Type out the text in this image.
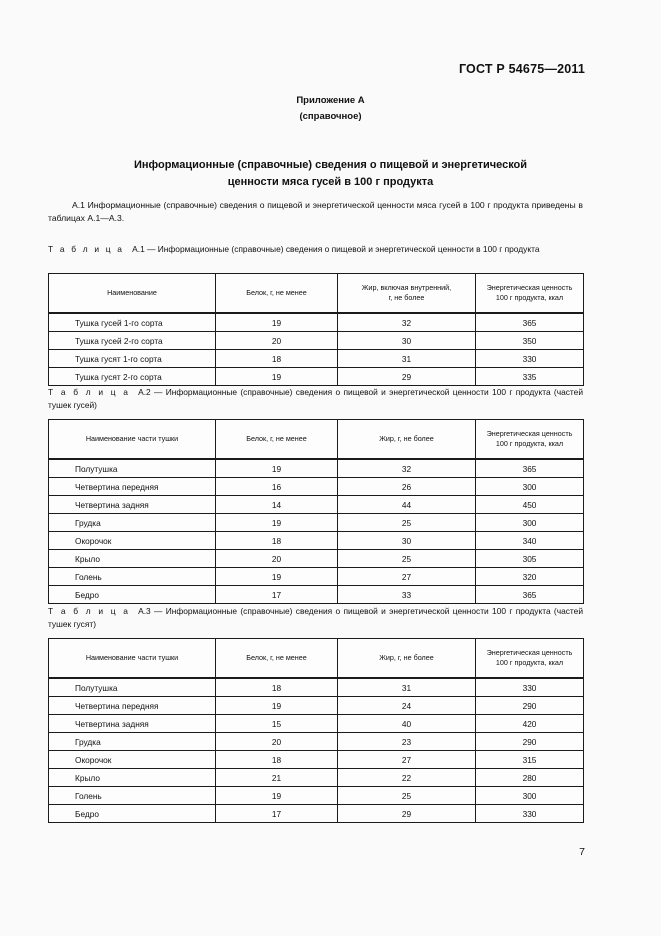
ГОСТ Р 54675—2011
Приложение А
(справочное)
Информационные (справочные) сведения о пищевой и энергетической
ценности мяса гусей в 100 г продукта
А.1 Информационные (справочные) сведения о пищевой и энергетической ценности мяса гусей в 100 г продукта приведены в таблицах А.1—А.3.
Т а б л и ц а А.1 — Информационные (справочные) сведения о пищевой и энергетической ценности в 100 г продукта
Наименование	Белок, г, не менее	Жир, включая внутренний,
г, не более	Энергетическая ценность
100 г продукта, ккал
Тушка гусей 1-го сорта	19	32	365
Тушка гусей 2-го сорта	20	30	350
Тушка гусят 1-го сорта	18	31	330
Тушка гусят 2-го сорта	19	29	335
Т а б л и ц а А.2 — Информационные (справочные) сведения о пищевой и энергетической ценности 100 г продукта (частей тушек гусей)
Наименование части тушки	Белок, г, не менее	Жир, г, не более	Энергетическая ценность
100 г продукта, ккал
Полутушка	19	32	365
Четвертина передняя	16	26	300
Четвертина задняя	14	44	450
Грудка	19	25	300
Окорочок	18	30	340
Крыло	20	25	305
Голень	19	27	320
Бедро	17	33	365
Т а б л и ц а А.3 — Информационные (справочные) сведения о пищевой и энергетической ценности 100 г продукта (частей тушек гусят)
Наименование части тушки	Белок, г, не менее	Жир, г, не более	Энергетическая ценность
100 г продукта, ккал
Полутушка	18	31	330
Четвертина передняя	19	24	290
Четвертина задняя	15	40	420
Грудка	20	23	290
Окорочок	18	27	315
Крыло	21	22	280
Голень	19	25	300
Бедро	17	29	330
7
